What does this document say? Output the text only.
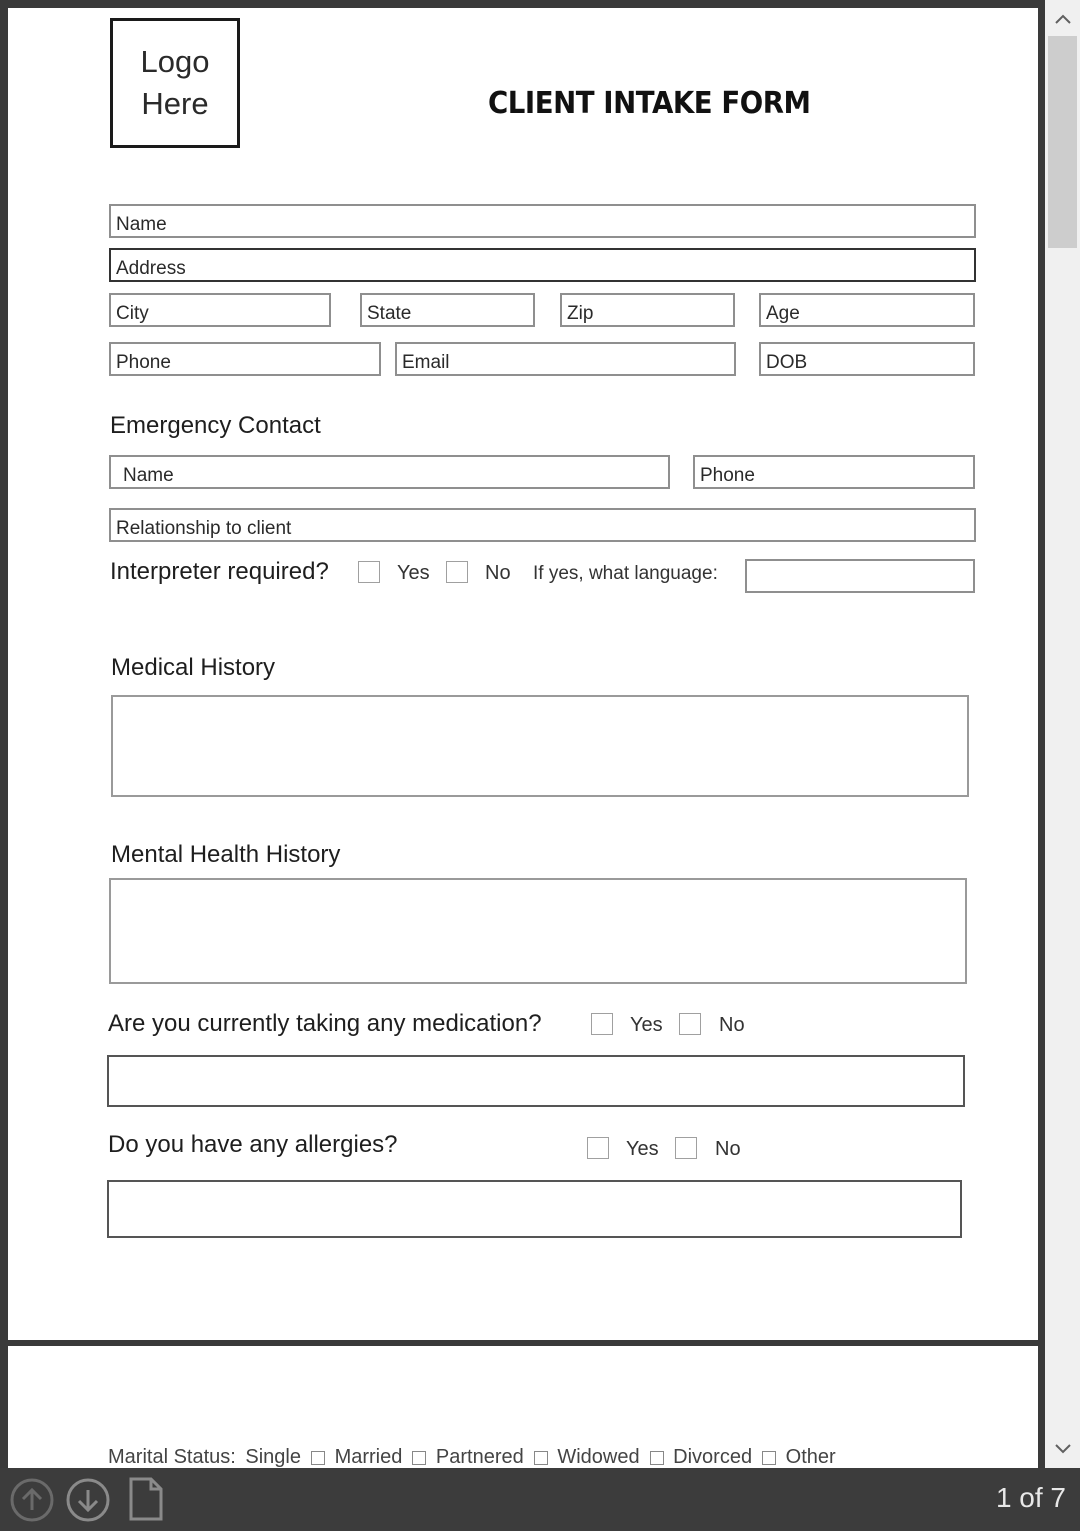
Logo
Here	CLIENT INTAKE FORM
Name
Address
City	State	Zip	Age
Phone	Email	DOB
Emergency Contact
Name	Phone
Relationship to client
Interpreter required?	Yes	No If yes, what language:
Medical History
Mental Health History
Are you currently taking any medication?	Yes	No
Do you have any allergies?	Yes	No
Marital Status: Single Married Partnered Widowed Divorced Other
1 of 7
